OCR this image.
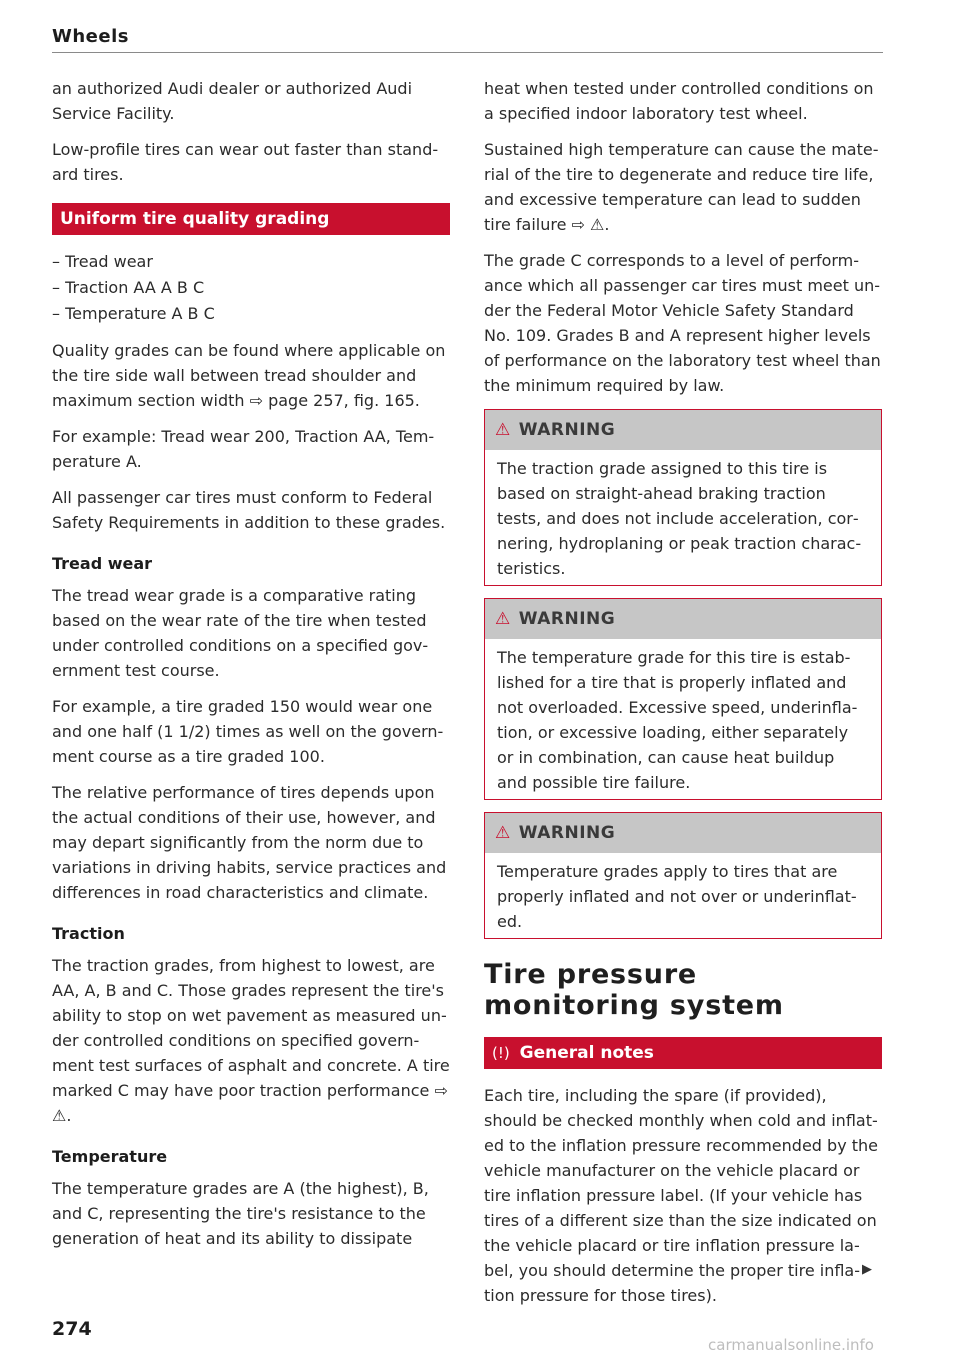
Wheels

an authorized Audi dealer or authorized Audi Service Facility.

Low-profile tires can wear out faster than standard tires.

Uniform tire quality grading
– Tread wear
– Traction AA A B C
– Temperature A B C

Quality grades can be found where applicable on the tire side wall between tread shoulder and maximum section width ⇨ page 257, fig. 165.

For example: Tread wear 200, Traction AA, Temperature A.

All passenger car tires must conform to Federal Safety Requirements in addition to these grades.

Tread wear

The tread wear grade is a comparative rating based on the wear rate of the tire when tested under controlled conditions on a specified government test course.

For example, a tire graded 150 would wear one and one half (1 1/2) times as well on the government course as a tire graded 100.

The relative performance of tires depends upon the actual conditions of their use, however, and may depart significantly from the norm due to variations in driving habits, service practices and differences in road characteristics and climate.

Traction

The traction grades, from highest to lowest, are AA, A, B and C. Those grades represent the tire's ability to stop on wet pavement as measured under controlled conditions on specified government test surfaces of asphalt and concrete. A tire marked C may have poor traction performance ⇨ ⚠.

Temperature

The temperature grades are A (the highest), B, and C, representing the tire's resistance to the generation of heat and its ability to dissipate

heat when tested under controlled conditions on a specified indoor laboratory test wheel.

Sustained high temperature can cause the material of the tire to degenerate and reduce tire life, and excessive temperature can lead to sudden tire failure ⇨ ⚠.

The grade C corresponds to a level of performance which all passenger car tires must meet under the Federal Motor Vehicle Safety Standard No. 109. Grades B and A represent higher levels of performance on the laboratory test wheel than the minimum required by law.

⚠ WARNING

The traction grade assigned to this tire is based on straight-ahead braking traction tests, and does not include acceleration, cornering, hydroplaning or peak traction characteristics.

⚠ WARNING

The temperature grade for this tire is established for a tire that is properly inflated and not overloaded. Excessive speed, underinflation, or excessive loading, either separately or in combination, can cause heat buildup and possible tire failure.

⚠ WARNING

Temperature grades apply to tires that are properly inflated and not over or underinflated.

Tire pressure monitoring system
(!) General notes

Each tire, including the spare (if provided), should be checked monthly when cold and inflated to the inflation pressure recommended by the vehicle manufacturer on the vehicle placard or tire inflation pressure label. (If your vehicle has tires of a different size than the size indicated on the vehicle placard or tire inflation pressure label, you should determine the proper tire inflation pressure for those tires).

▶
274
carmanualsonline.info
